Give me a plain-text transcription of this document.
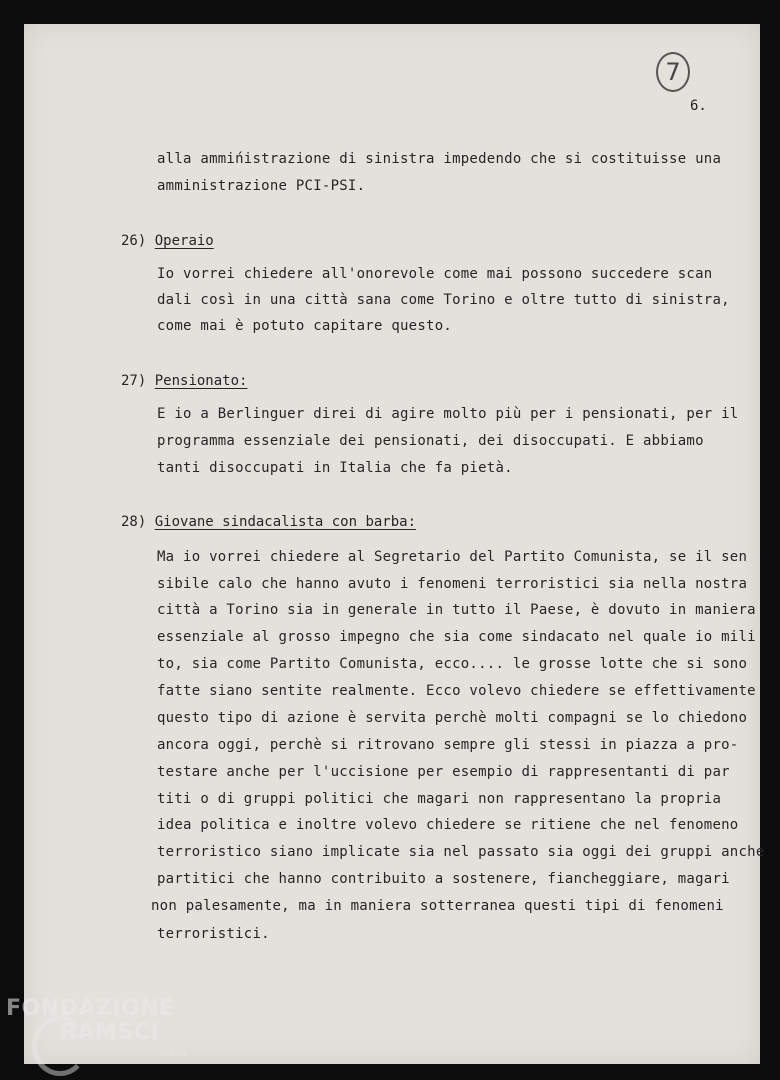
7
6.
alla ammińistrazione di sinistra impedendo che si costituisse una
amministrazione PCI-PSI.
26) Operaio
Io vorrei chiedere all'onorevole come mai possono succedere scan
dali così in una città sana come Torino e oltre tutto di sinistra,
come mai è potuto capitare questo.
27) Pensionato:
E io a Berlinguer direi di agire molto più per i pensionati, per il
programma essenziale dei pensionati, dei disoccupati. E abbiamo
tanti disoccupati in Italia che fa pietà.
28) Giovane sindacalista con barba:
Ma io vorrei chiedere al Segretario del Partito Comunista, se il sen
sibile calo che hanno avuto i fenomeni terroristici sia nella nostra
città a Torino sia in generale in tutto il Paese, è dovuto in maniera
essenziale al grosso impegno che sia come sindacato nel quale io mili
to, sia come Partito Comunista, ecco.... le grosse lotte che si sono
fatte siano sentite realmente. Ecco volevo chiedere se effettivamente
questo tipo di azione è servita perchè molti compagni se lo chiedono
ancora oggi, perchè si ritrovano sempre gli stessi in piazza a pro-
testare anche per l'uccisione per esempio di rappresentanti di par
titi o di gruppi politici che magari non rappresentano la propria
idea politica e inoltre volevo chiedere se ritiene che nel fenomeno
terroristico siano implicate sia nel passato sia oggi dei gruppi anche
partitici che hanno contribuito a sostenere, fiancheggiare, magari
non palesamente, ma in maniera sotterranea questi tipi di fenomeni
terroristici.
FONDAZIONE
RAMSCI
onlus
